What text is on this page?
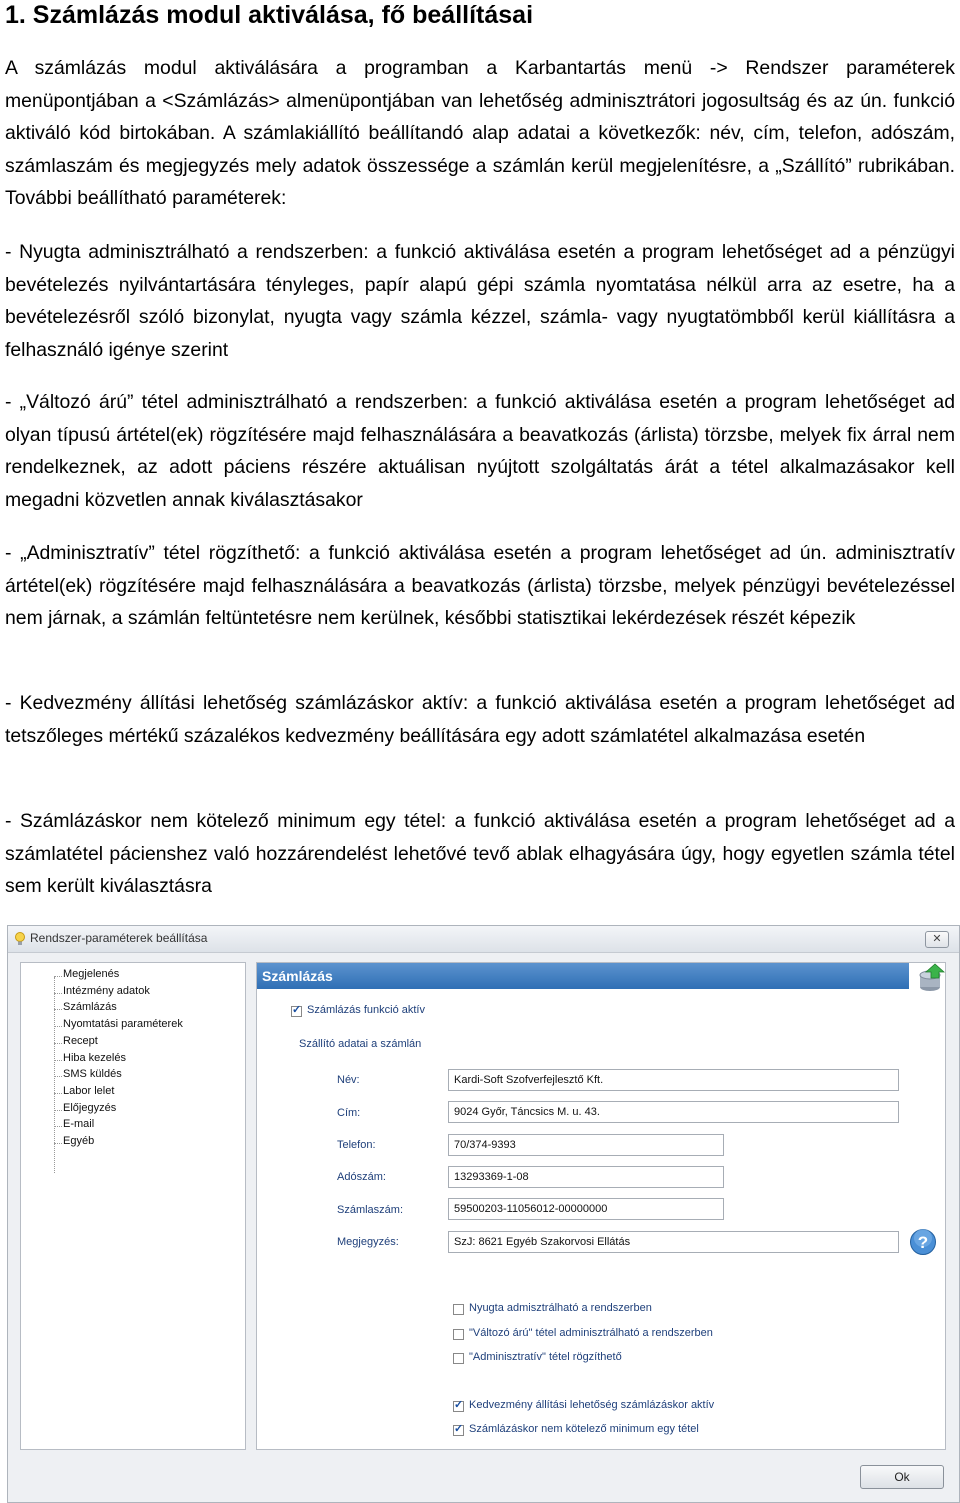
1. Számlázás modul aktiválása, fő beállításai

A számlázás modul aktiválására a programban a Karbantartás menü -> Rendszer paraméterek menüpontjában a <Számlázás> almenüpontjában van lehetőség adminisztrátori jogosultság és az ún. funkció aktiváló kód birtokában. A számlakiállító beállítandó alap adatai a következők: név, cím, telefon, adószám, számlaszám és megjegyzés mely adatok összessége a számlán kerül megjelenítésre, a „Szállító” rubrikában. További beállítható paraméterek:

- Nyugta adminisztrálható a rendszerben: a funkció aktiválása esetén a program lehetőséget ad a pénzügyi bevételezés nyilvántartására tényleges, papír alapú gépi számla nyomtatása nélkül arra az esetre, ha a bevételezésről szóló bizonylat, nyugta vagy számla kézzel, számla- vagy nyugtatömbből kerül kiállításra a felhasználó igénye szerint

- „Változó árú” tétel adminisztrálható a rendszerben: a funkció aktiválása esetén a program lehetőséget ad olyan típusú ártétel(ek) rögzítésére majd felhasználására a beavatkozás (árlista) törzsbe, melyek fix árral nem rendelkeznek, az adott páciens részére aktuálisan nyújtott szolgáltatás árát a tétel alkalmazásakor kell megadni közvetlen annak kiválasztásakor

- „Adminisztratív” tétel rögzíthető: a funkció aktiválása esetén a program lehetőséget ad ún. adminisztratív ártétel(ek) rögzítésére majd felhasználására a beavatkozás (árlista) törzsbe, melyek pénzügyi bevételezéssel nem járnak, a számlán feltüntetésre nem kerülnek, későbbi statisztikai lekérdezések részét képezik

- Kedvezmény állítási lehetőség számlázáskor aktív: a funkció aktiválása esetén a program lehetőséget ad tetszőleges mértékű százalékos kedvezmény beállítására egy adott számlatétel alkalmazása esetén

- Számlázáskor nem kötelező minimum egy tétel: a funkció aktiválása esetén a program lehetőséget ad a számlatétel pácienshez való hozzárendelést lehetővé tevő ablak elhagyására úgy, hogy egyetlen számla tétel sem került kiválasztásra

Rendszer-paraméterek beállítása	✕
Megjelenés
Intézmény adatok
Számlázás
Nyomtatási paraméterek
Recept
Hiba kezelés
SMS küldés
Labor lelet
Előjegyzés
E-mail
Egyéb
Számlázás
✓
Számlázás funkció aktív
Szállító adatai a számlán
Név:	Kardi-Soft Szofverfejlesztő Kft.
Cím:	9024 Győr, Táncsics M. u. 43.
Telefon:	70/374-9393
Adószám:	13293369-1-08
Számlaszám:	59500203-11056012-00000000
Megjegyzés:	SzJ: 8621 Egyéb Szakorvosi Ellátás	?
Nyugta admisztrálható a rendszerben
"Változó árú" tétel adminisztrálható a rendszerben
"Adminisztratív" tétel rögzíthető
✓
Kedvezmény állítási lehetőség számlázáskor aktív
✓
Számlázáskor nem kötelező minimum egy tétel
Ok
